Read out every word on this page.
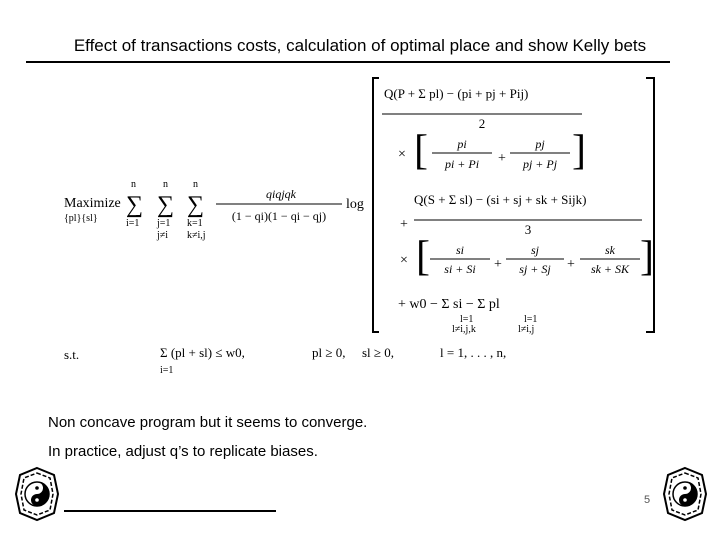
Effect of transactions costs, calculation of optimal place and show Kelly bets
Maximize
{pl}{sl}
n
∑
i=1
n
∑
j=1
j≠i
n
∑
k=1
k≠i,j
qiqjqk
(1 − qi)(1 − qi − qj)
log
Q(P + Σ pl) − (pi + pj + Pij)
2
× [ pi
pi + Pi +
pj
pj + Pj ]
+
Q(S + Σ sl) − (si + sj + sk + Sijk)
3
× [ si
si + Si +
sj
sj + Sj +
sk
sk + SK ]
+ w0 − Σ si − Σ pl
l=1
l≠i,j,k
l=1
l≠i,j
s.t.	Σ (pl + sl) ≤ w0,
i=1
pl ≥ 0, sl ≥ 0,	l = 1, . . . , n,
Non concave program but it seems to converge.
In practice, adjust q’s to replicate biases.
5
